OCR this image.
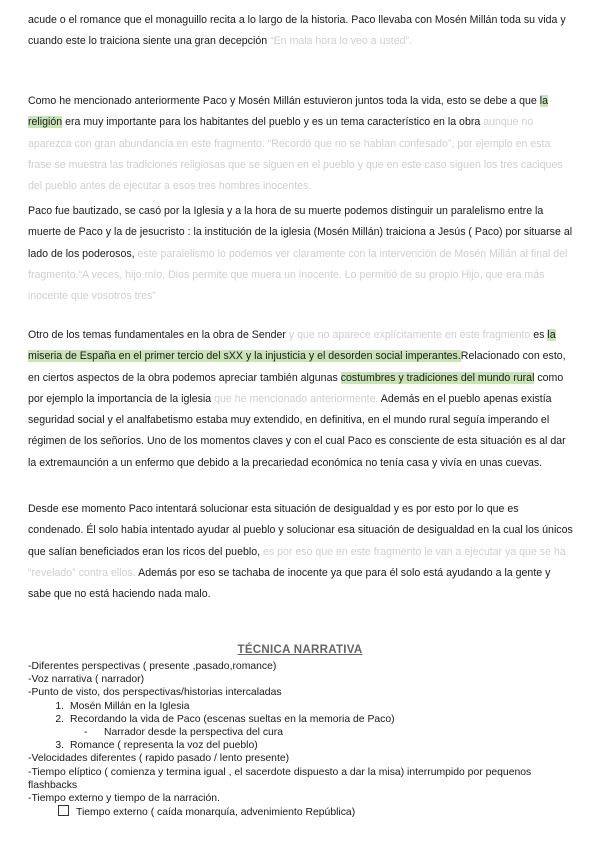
acude o el romance que el monaguillo recita a lo largo de la historia. Paco llevaba con Mosén Millán toda su vida y cuando este lo traiciona siente una gran decepción “En mala hora lo veo a usted”.
Como he mencionado anteriormente Paco y Mosén Millán estuvieron juntos toda la vida, esto se debe a que la religión era muy importante para los habitantes del pueblo y es un tema característico en la obra aunque no aparezca con gran abundancia en este fragmento. “Recordó que no se habían confesado”, por ejemplo en esta frase se muestra las tradiciones religiosas que se siguen en el pueblo y que en este caso siguen los tres caciques del pueblo antes de ejecutar a esos tres hombres inocentes.
Paco fue bautizado, se casó por la Iglesia y a la hora de su muerte podemos distinguir un paralelismo entre la muerte de Paco y la de jesucristo : la institución de la iglesia (Mosén Millán) traiciona a Jesús ( Paco) por situarse al lado de los poderosos, este paralelismo lo podemos ver claramente con la intervención de Mosén Millán al final del fragmento.“A veces, hijo mío, Dios permite que muera un inocente. Lo permitió de su propio Hijo, que era más inocente que vosotros tres”
Otro de los temas fundamentales en la obra de Sender y que no aparece explícitamente en este fragmento es la miseria de España en el primer tercio del sXX y la injusticia y el desorden social imperantes.Relacionado con esto, en ciertos aspectos de la obra podemos apreciar también algunas costumbres y tradiciones del mundo rural como por ejemplo la importancia de la iglesia que he mencionado anteriormente. Además en el pueblo apenas existía seguridad social y el analfabetismo estaba muy extendido, en definitiva, en el mundo rural seguía imperando el régimen de los señoríos. Uno de los momentos claves y con el cual Paco es consciente de esta situación es al dar la extremaunción a un enfermo que debido a la precariedad económica no tenía casa y vivía en unas cuevas.
Desde ese momento Paco intentará solucionar esta situación de desigualdad y es por esto por lo que es condenado. Él solo había intentado ayudar al pueblo y solucionar esa situación de desigualdad en la cual los únicos que salían beneficiados eran los ricos del pueblo, es por eso que en este fragmento le van a ejecutar ya que se ha “revelado” contra ellos. Además por eso se tachaba de inocente ya que para él solo está ayudando a la gente y sabe que no está haciendo nada malo.
TÉCNICA NARRATIVA
-Diferentes perspectivas ( presente ,pasado,romance)
-Voz narrativa ( narrador)
-Punto de visto, dos perspectivas/historias intercaladas
1. Mosén Millán en la Iglesia
2. Recordando la vida de Paco (escenas sueltas en la memoria de Paco)
- Narrador desde la perspectiva del cura
3. Romance ( representa la voz del pueblo)
-Velocidades diferentes ( rapido pasado / lento presente)
-Tiempo elíptico ( comienza y termina igual , el sacerdote dispuesto a dar la misa) interrumpido por pequenos flashbacks
-Tiempo externo y tiempo de la narración.
Tiempo externo ( caída monarquía, advenimiento República)
